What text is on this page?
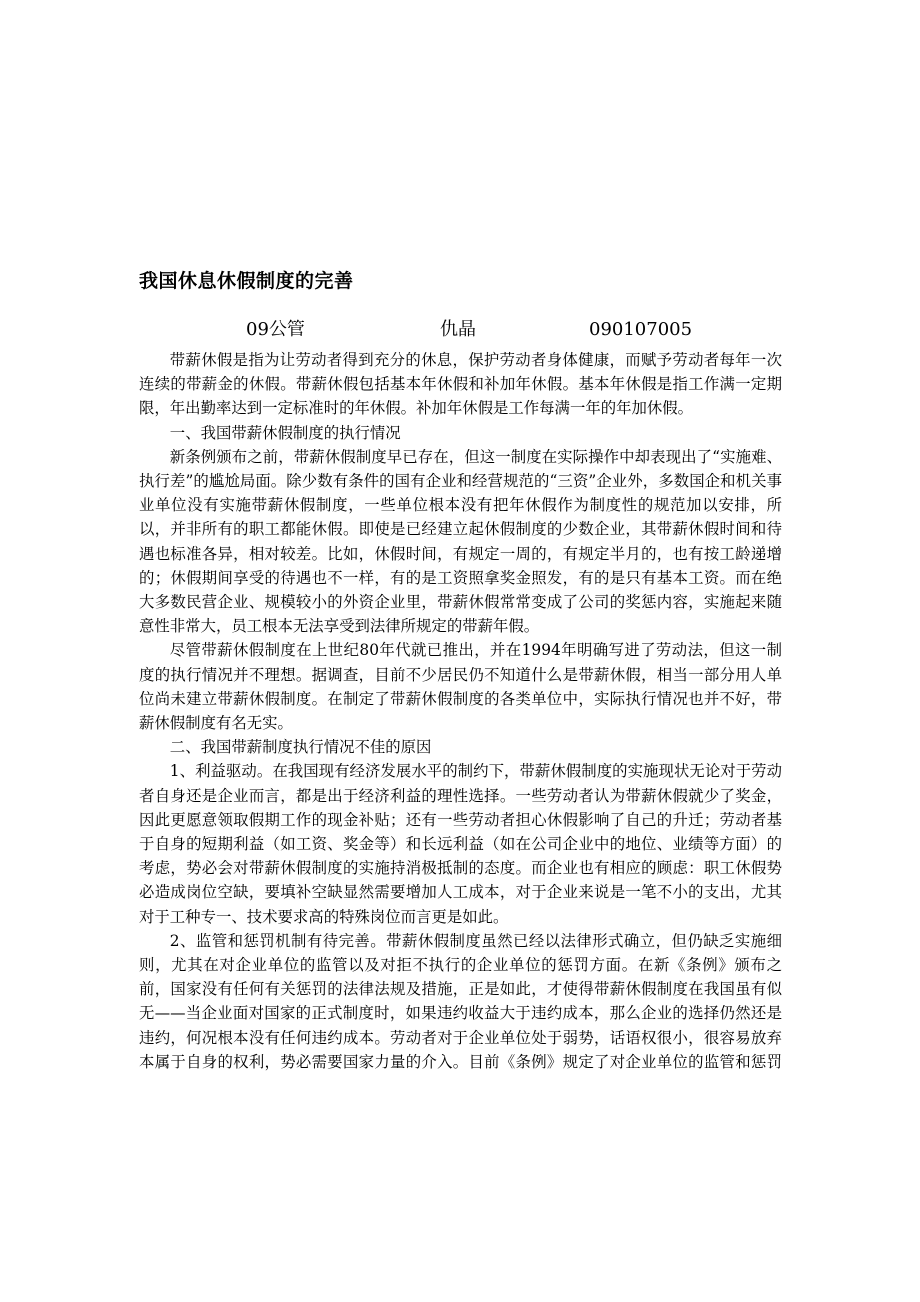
我国休息休假制度的完善
09公管	仇晶	090107005

带薪休假是指为让劳动者得到充分的休息，保护劳动者身体健康，而赋予劳动者每年一次连续的带薪金的休假。带薪休假包括基本年休假和补加年休假。基本年休假是指工作满一定期限，年出勤率达到一定标准时的年休假。补加年休假是工作每满一年的年加休假。

一、我国带薪休假制度的执行情况

新条例颁布之前，带薪休假制度早已存在，但这一制度在实际操作中却表现出了“实施难、执行差”的尴尬局面。除少数有条件的国有企业和经营规范的“三资”企业外，多数国企和机关事业单位没有实施带薪休假制度，一些单位根本没有把年休假作为制度性的规范加以安排，所以，并非所有的职工都能休假。即使是已经建立起休假制度的少数企业，其带薪休假时间和待遇也标准各异，相对较差。比如，休假时间，有规定一周的，有规定半月的，也有按工龄递增的；休假期间享受的待遇也不一样，有的是工资照拿奖金照发，有的是只有基本工资。而在绝大多数民营企业、规模较小的外资企业里，带薪休假常常变成了公司的奖惩内容，实施起来随意性非常大，员工根本无法享受到法律所规定的带薪年假。

尽管带薪休假制度在上世纪80年代就已推出，并在1994年明确写进了劳动法，但这一制度的执行情况并不理想。据调查，目前不少居民仍不知道什么是带薪休假，相当一部分用人单位尚未建立带薪休假制度。在制定了带薪休假制度的各类单位中，实际执行情况也并不好，带薪休假制度有名无实。

二、我国带薪制度执行情况不佳的原因

1、利益驱动。在我国现有经济发展水平的制约下，带薪休假制度的实施现状无论对于劳动者自身还是企业而言，都是出于经济利益的理性选择。一些劳动者认为带薪休假就少了奖金，因此更愿意领取假期工作的现金补贴；还有一些劳动者担心休假影响了自己的升迁；劳动者基于自身的短期利益（如工资、奖金等）和长远利益（如在公司企业中的地位、业绩等方面）的考虑，势必会对带薪休假制度的实施持消极抵制的态度。而企业也有相应的顾虑：职工休假势必造成岗位空缺，要填补空缺显然需要增加人工成本，对于企业来说是一笔不小的支出，尤其对于工种专一、技术要求高的特殊岗位而言更是如此。

2、监管和惩罚机制有待完善。带薪休假制度虽然已经以法律形式确立，但仍缺乏实施细则，尤其在对企业单位的监管以及对拒不执行的企业单位的惩罚方面。在新《条例》颁布之前，国家没有任何有关惩罚的法律法规及措施，正是如此，才使得带薪休假制度在我国虽有似无——当企业面对国家的正式制度时，如果违约收益大于违约成本，那么企业的选择仍然还是违约，何况根本没有任何违约成本。劳动者对于企业单位处于弱势，话语权很小，很容易放弃本属于自身的权利，势必需要国家力量的介入。目前《条例》规定了对企业单位的监管和惩罚
